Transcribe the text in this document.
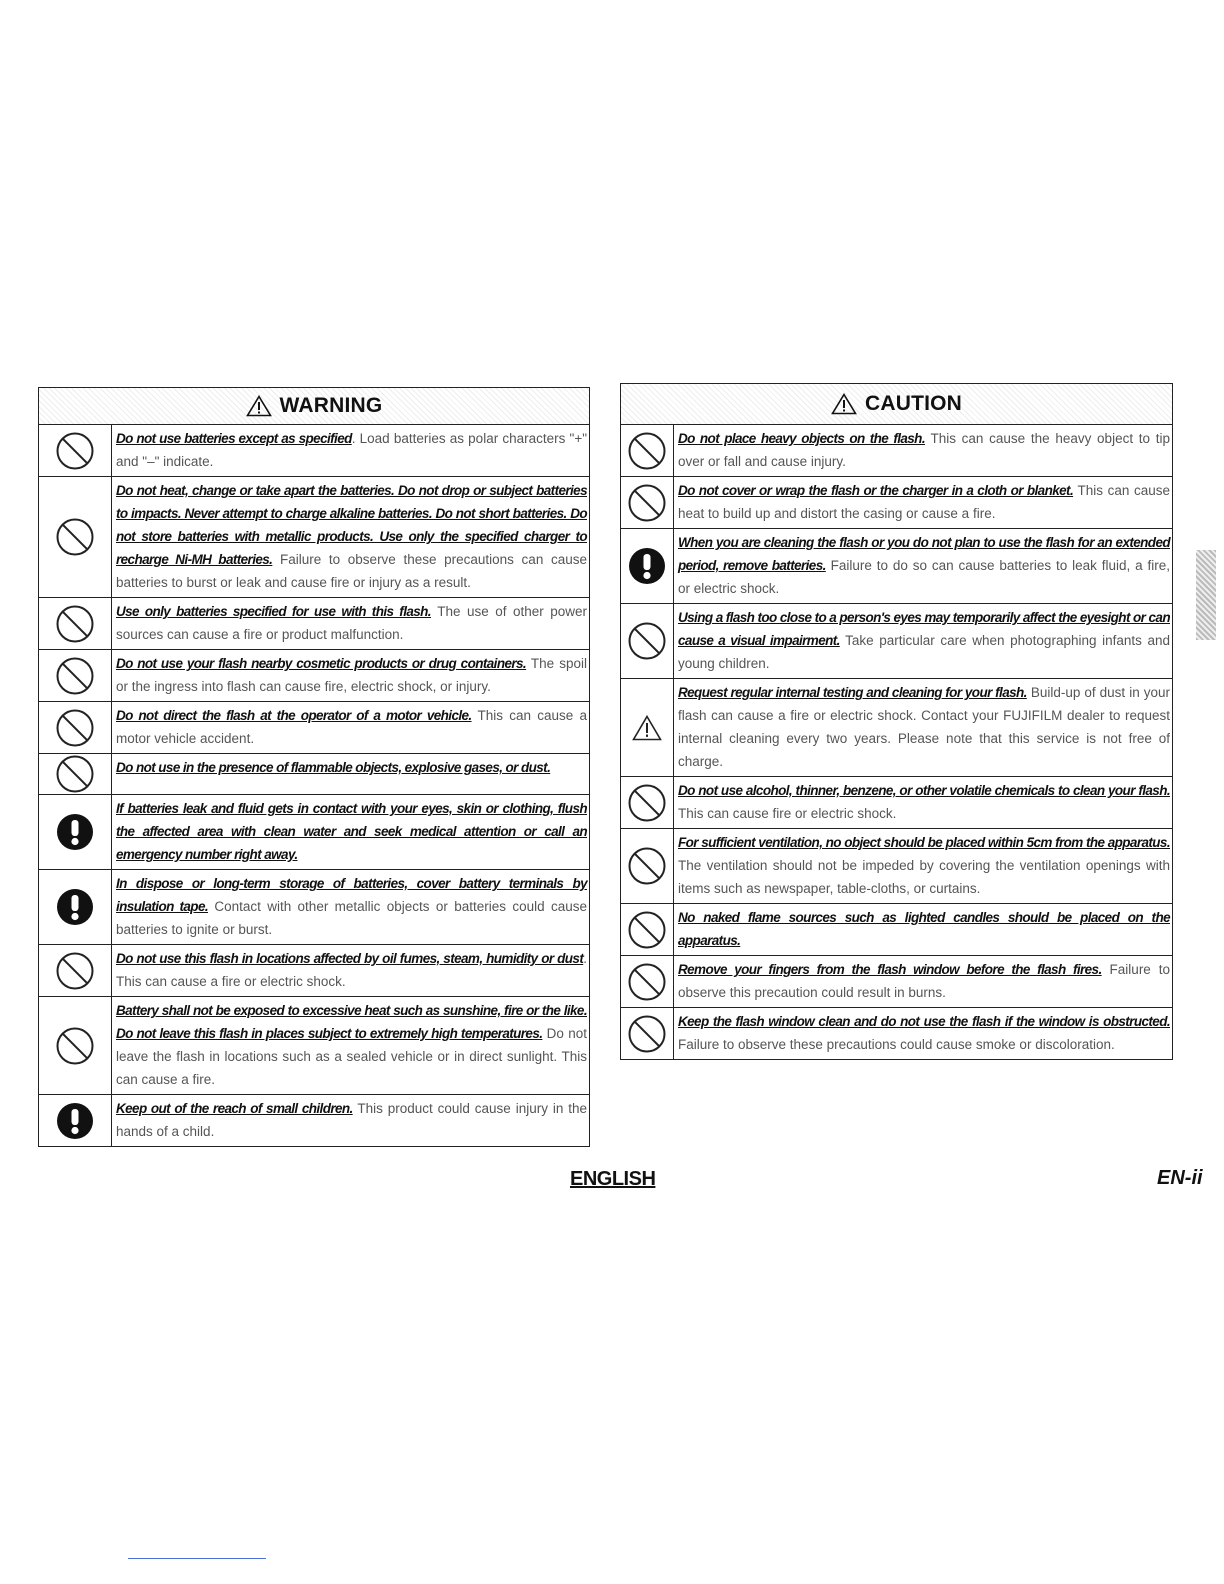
WARNING
Do not use batteries except as specified. Load batteries as polar characters "+" and "–" indicate.
Do not heat, change or take apart the batteries. Do not drop or subject batteries to impacts. Never attempt to charge alkaline batteries. Do not short batteries. Do not store batteries with metallic products. Use only the specified charger to recharge Ni-MH batteries. Failure to observe these precautions can cause batteries to burst or leak and cause fire or injury as a result.
Use only batteries specified for use with this flash. The use of other power sources can cause a fire or product malfunction.
Do not use your flash nearby cosmetic products or drug containers. The spoil or the ingress into flash can cause fire, electric shock, or injury.
Do not direct the flash at the operator of a motor vehicle. This can cause a motor vehicle accident.
Do not use in the presence of flammable objects, explosive gases, or dust.
If batteries leak and fluid gets in contact with your eyes, skin or clothing, flush the affected area with clean water and seek medical attention or call an emergency number right away.
In dispose or long-term storage of batteries, cover battery terminals by insulation tape. Contact with other metallic objects or batteries could cause batteries to ignite or burst.
Do not use this flash in locations affected by oil fumes, steam, humidity or dust. This can cause a fire or electric shock.
Battery shall not be exposed to excessive heat such as sunshine, fire or the like. Do not leave this flash in places subject to extremely high temperatures. Do not leave the flash in locations such as a sealed vehicle or in direct sunlight. This can cause a fire.
Keep out of the reach of small children. This product could cause injury in the hands of a child.
CAUTION
Do not place heavy objects on the flash. This can cause the heavy object to tip over or fall and cause injury.
Do not cover or wrap the flash or the charger in a cloth or blanket. This can cause heat to build up and distort the casing or cause a fire.
When you are cleaning the flash or you do not plan to use the flash for an extended period, remove batteries. Failure to do so can cause batteries to leak fluid, a fire, or electric shock.
Using a flash too close to a person's eyes may temporarily affect the eyesight or can cause a visual impairment. Take particular care when photographing infants and young children.
Request regular internal testing and cleaning for your flash. Build-up of dust in your flash can cause a fire or electric shock. Contact your FUJIFILM dealer to request internal cleaning every two years. Please note that this service is not free of charge.
Do not use alcohol, thinner, benzene, or other volatile chemicals to clean your flash. This can cause fire or electric shock.
For sufficient ventilation, no object should be placed within 5cm from the apparatus. The ventilation should not be impeded by covering the ventilation openings with items such as newspaper, table-cloths, or curtains.
No naked flame sources such as lighted candles should be placed on the apparatus.
Remove your fingers from the flash window before the flash fires. Failure to observe this precaution could result in burns.
Keep the flash window clean and do not use the flash if the window is obstructed. Failure to observe these precautions could cause smoke or discoloration.
ENGLISH	EN-ii
